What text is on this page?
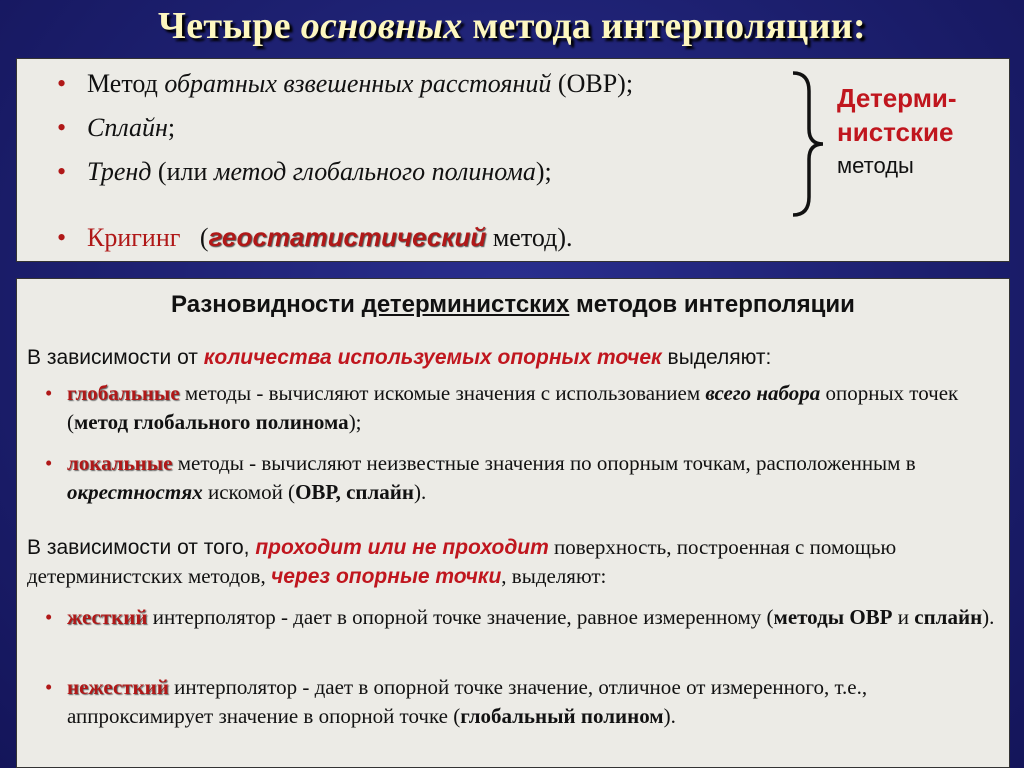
Четыре основных метода интерполяции:
• Метод обратных взвешенных расстояний (ОВР);
• Сплайн;
• Тренд (или метод глобального полинома);
Детерми-
нистские
методы
• Кригинг   (геостатистический метод).
Разновидности детерминистских методов интерполяции
В зависимости от количества используемых опорных точек выделяют:
• глобальные методы - вычисляют искомые значения с использованием всего набора опорных точек (метод глобального полинома);
• локальные методы - вычисляют неизвестные значения по опорным точкам, расположенным в окрестностях искомой (ОВР, сплайн).
В зависимости от того, проходит или не проходит поверхность, построенная с помощью детерминистских методов, через опорные точки, выделяют:
• жесткий интерполятор - дает в опорной точке значение, равное измеренному (методы ОВР и сплайн).
• нежесткий интерполятор - дает в опорной точке значение, отличное от измеренного, т.е., аппроксимирует значение в опорной точке (глобальный полином).
